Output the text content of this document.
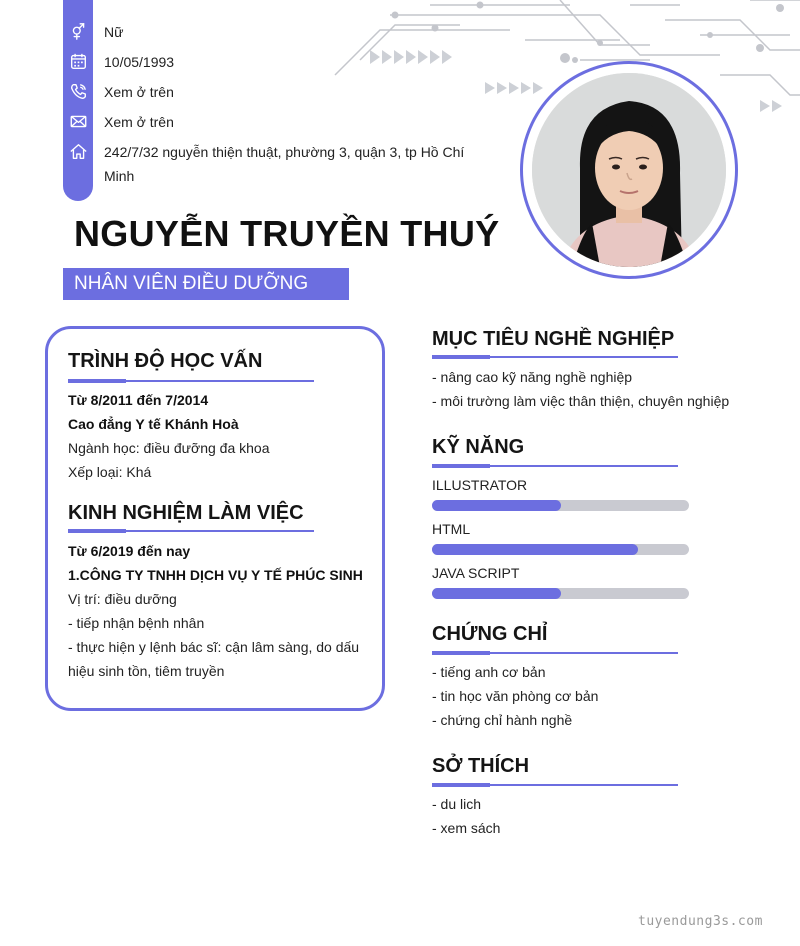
Nữ
10/05/1993
Xem ở trên
Xem ở trên
242/7/32 nguyễn thiện thuật, phường 3, quận 3, tp Hồ Chí Minh
NGUYỄN TRUYỀN THUÝ
NHÂN VIÊN ĐIỀU DƯỠNG
TRÌNH ĐỘ HỌC VẤN
Từ 8/2011 đến 7/2014
Cao đẳng Y tế Khánh Hoà
Ngành học: điều đưỡng đa khoa
Xếp loại: Khá
KINH NGHIỆM LÀM VIỆC
Từ 6/2019 đến nay
1.CÔNG TY TNHH DỊCH VỤ Y TẾ PHÚC SINH
Vị trí: điều dưỡng
- tiếp nhận bệnh nhân
- thực hiện y lệnh bác sĩ: cận lâm sàng, do dấu hiệu sinh tồn, tiêm truyền
MỤC TIÊU NGHỀ NGHIỆP
- nâng cao kỹ năng nghề nghiệp
- môi trường làm việc thân thiện, chuyên nghiệp
KỸ NĂNG
ILLUSTRATOR
HTML
JAVA SCRIPT
CHỨNG CHỈ
- tiếng anh cơ bản
- tin học văn phòng cơ bản
- chứng chỉ hành nghề
SỞ THÍCH
- du lich
- xem sách
tuyendung3s.com
